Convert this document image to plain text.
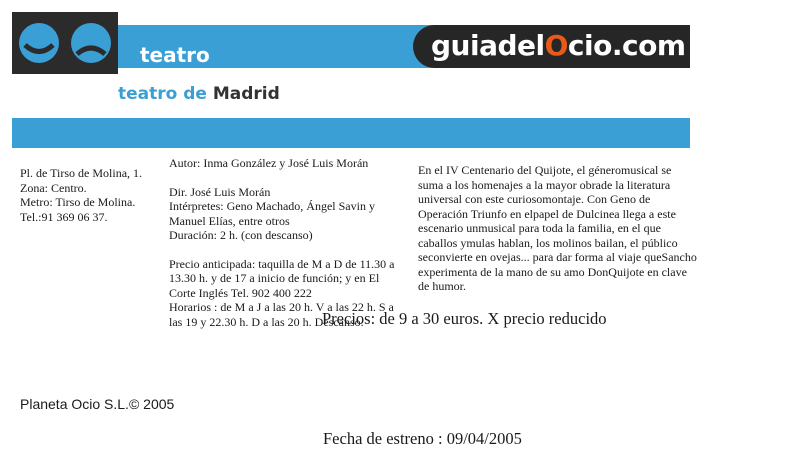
teatro	guiadelOcio.com
teatro de Madrid
Pl. de Tirso de Molina, 1.
Zona: Centro.
Metro: Tirso de Molina.
Tel.:91 369 06 37.
Autor: Inma González y José Luis Morán
Dir. José Luis Morán
Intérpretes: Geno Machado, Ángel Savin y
Manuel Elías, entre otros
Duración: 2 h. (con descanso)
Precio anticipada: taquilla de M a D de 11.30 a
13.30 h. y de 17 a inicio de función; y en El
Corte Inglés Tel. 902 400 222
Horarios : de M a J a las 20 h. V a las 22 h. S a
las 19 y 22.30 h. D a las 20 h. Descanso.
En el IV Centenario del Quijote, el géneromusical se suma a los homenajes a la mayor obrade la literatura universal con este curiosomontaje. Con Geno de Operación Triunfo en elpapel de Dulcinea llega a este escenario unmusical para toda la familia, en el que caballos ymulas hablan, los molinos bailan, el público seconvierte en ovejas... para dar forma al viaje queSancho experimenta de la mano de su amo DonQuijote en clave de humor.
Precios: de 9 a 30 euros. X precio reducido
Planeta Ocio S.L.© 2005
Fecha de estreno : 09/04/2005
